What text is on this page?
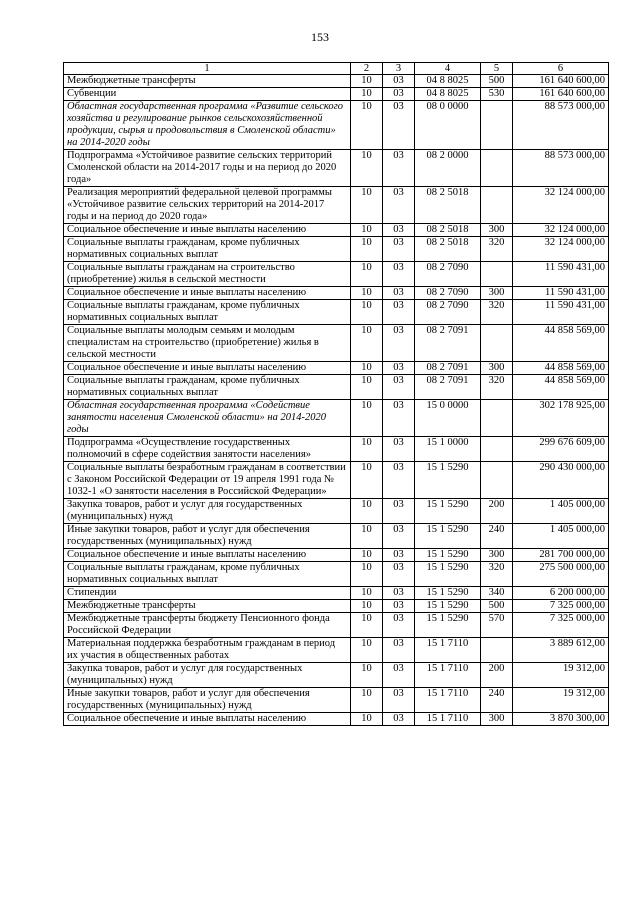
153
1	2	3	4	5	6
Межбюджетные трансферты	10	03	04 8 8025	500	161 640 600,00
Субвенции	10	03	04 8 8025	530	161 640 600,00
Областная государственная программа «Развитие сельского хозяйства и регулирование рынков сельскохозяйственной продукции, сырья и продовольствия в Смоленской области» на 2014-2020 годы	10	03	08 0 0000		88 573 000,00
Подпрограмма «Устойчивое развитие сельских территорий Смоленской области на 2014-2017 годы и на период до 2020 года»	10	03	08 2 0000		88 573 000,00
Реализация мероприятий федеральной целевой программы «Устойчивое развитие сельских территорий на 2014-2017 годы и на период до 2020 года»	10	03	08 2 5018		32 124 000,00
Социальное обеспечение и иные выплаты населению	10	03	08 2 5018	300	32 124 000,00
Социальные выплаты гражданам, кроме публичных нормативных социальных выплат	10	03	08 2 5018	320	32 124 000,00
Социальные выплаты гражданам на строительство (приобретение) жилья в сельской местности	10	03	08 2 7090		11 590 431,00
Социальное обеспечение и иные выплаты населению	10	03	08 2 7090	300	11 590 431,00
Социальные выплаты гражданам, кроме публичных нормативных социальных выплат	10	03	08 2 7090	320	11 590 431,00
Социальные выплаты молодым семьям и молодым специалистам на строительство (приобретение) жилья в сельской местности	10	03	08 2 7091		44 858 569,00
Социальное обеспечение и иные выплаты населению	10	03	08 2 7091	300	44 858 569,00
Социальные выплаты гражданам, кроме публичных нормативных социальных выплат	10	03	08 2 7091	320	44 858 569,00
Областная государственная программа «Содействие занятости населения Смоленской области» на 2014-2020 годы	10	03	15 0 0000		302 178 925,00
Подпрограмма «Осуществление государственных полномочий в сфере содействия занятости населения»	10	03	15 1 0000		299 676 609,00
Социальные выплаты безработным гражданам в соответствии с Законом Российской Федерации от 19 апреля 1991 года № 1032-1 «О занятости населения в Российской Федерации»	10	03	15 1 5290		290 430 000,00
Закупка товаров, работ и услуг для государственных (муниципальных) нужд	10	03	15 1 5290	200	1 405 000,00
Иные закупки товаров, работ и услуг для обеспечения государственных (муниципальных) нужд	10	03	15 1 5290	240	1 405 000,00
Социальное обеспечение и иные выплаты населению	10	03	15 1 5290	300	281 700 000,00
Социальные выплаты гражданам, кроме публичных нормативных социальных выплат	10	03	15 1 5290	320	275 500 000,00
Стипендии	10	03	15 1 5290	340	6 200 000,00
Межбюджетные трансферты	10	03	15 1 5290	500	7 325 000,00
Межбюджетные трансферты бюджету Пенсионного фонда Российской Федерации	10	03	15 1 5290	570	7 325 000,00
Материальная поддержка безработным гражданам в период их участия в общественных работах	10	03	15 1 7110		3 889 612,00
Закупка товаров, работ и услуг для государственных (муниципальных) нужд	10	03	15 1 7110	200	19 312,00
Иные закупки товаров, работ и услуг для обеспечения государственных (муниципальных) нужд	10	03	15 1 7110	240	19 312,00
Социальное обеспечение и иные выплаты населению	10	03	15 1 7110	300	3 870 300,00
